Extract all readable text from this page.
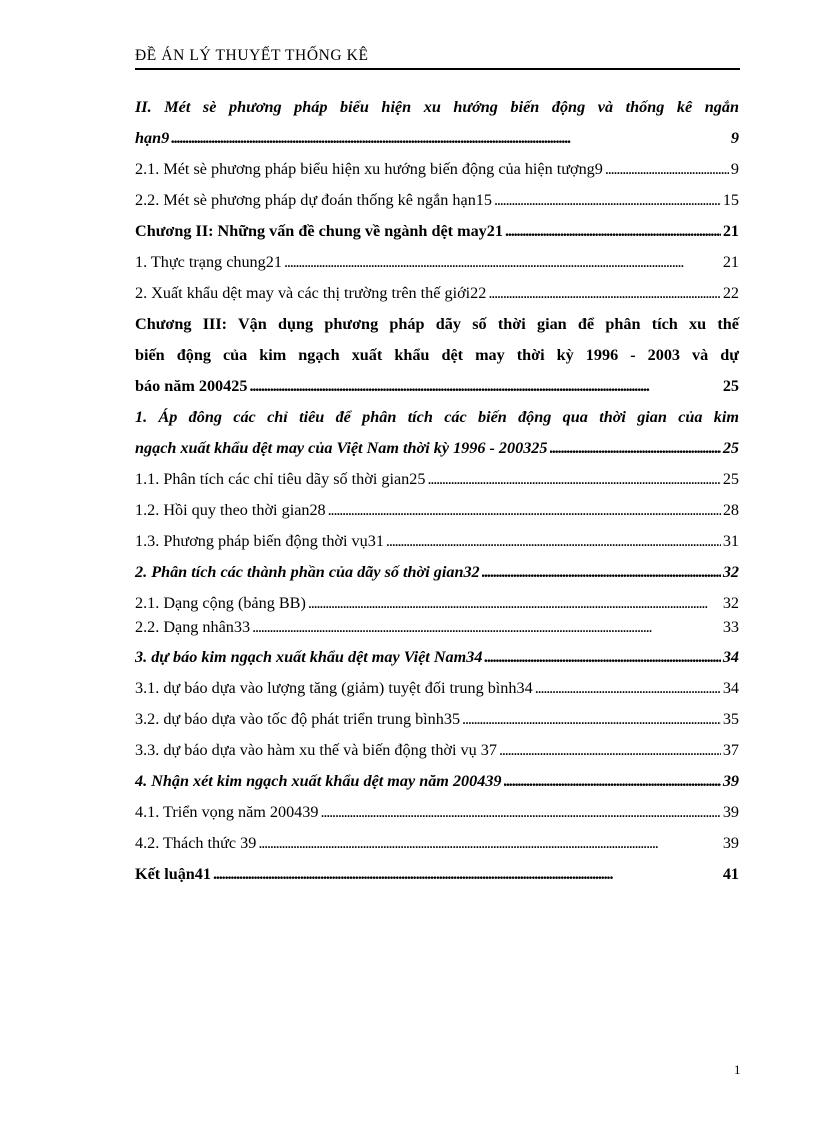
ĐỀ ÁN LÝ THUYẾT THỐNG KÊ
II. Mét sè phương pháp biểu hiện xu hướng biến động và thống kê ngắn
hạn9 . . .	9
2.1. Mét sè phương pháp biểu hiện xu hướng biến động của hiện tượng9 . . .	9
2.2. Mét sè phương pháp dự đoán thống kê ngắn hạn15 . . .	15
Chương II: Những vấn đề chung về ngành dệt may21 . . .	21
1. Thực trạng chung21 . . .	21
2. Xuất khẩu dệt may và các thị trường trên thế giới22 . . .	22
Chương III: Vận dụng phương pháp dãy số thời gian để phân tích xu thế
biến động của kim ngạch xuất khẩu dệt may thời kỳ 1996 - 2003 và dự
báo năm 200425 . . .	25
1. Áp đông các chỉ tiêu để phân tích các biến động qua thời gian của kim
ngạch xuất khẩu dệt may của Việt Nam thời kỳ 1996 - 200325 . . .	25
1.1. Phân tích các chỉ tiêu dãy số thời gian25 . . .	25
1.2. Hồi quy theo thời gian28 . . .	28
1.3. Phương pháp biến động thời vụ31 . . .	31
2. Phân tích các thành phần của dãy số thời gian32 . . .	32
2.1. Dạng cộng (bảng BB) . . .	32
2.2. Dạng nhân33 . . .	33
3. dự báo kim ngạch xuất khẩu dệt may Việt Nam34 . . .	34
3.1. dự báo dựa vào lượng tăng (giảm) tuyệt đối trung bình34 . . .	34
3.2. dự báo dựa vào tốc độ phát triển trung bình35 . . .	35
3.3. dự báo dựa vào hàm xu thế và biến động thời vụ 37 . . .	37
4. Nhận xét kim ngạch xuất khẩu dệt may năm 200439 . . .	39
4.1. Triển vọng năm 200439 . . .	39
4.2. Thách thức 39 . . .	39
Kết luận41 . . .	41
1
